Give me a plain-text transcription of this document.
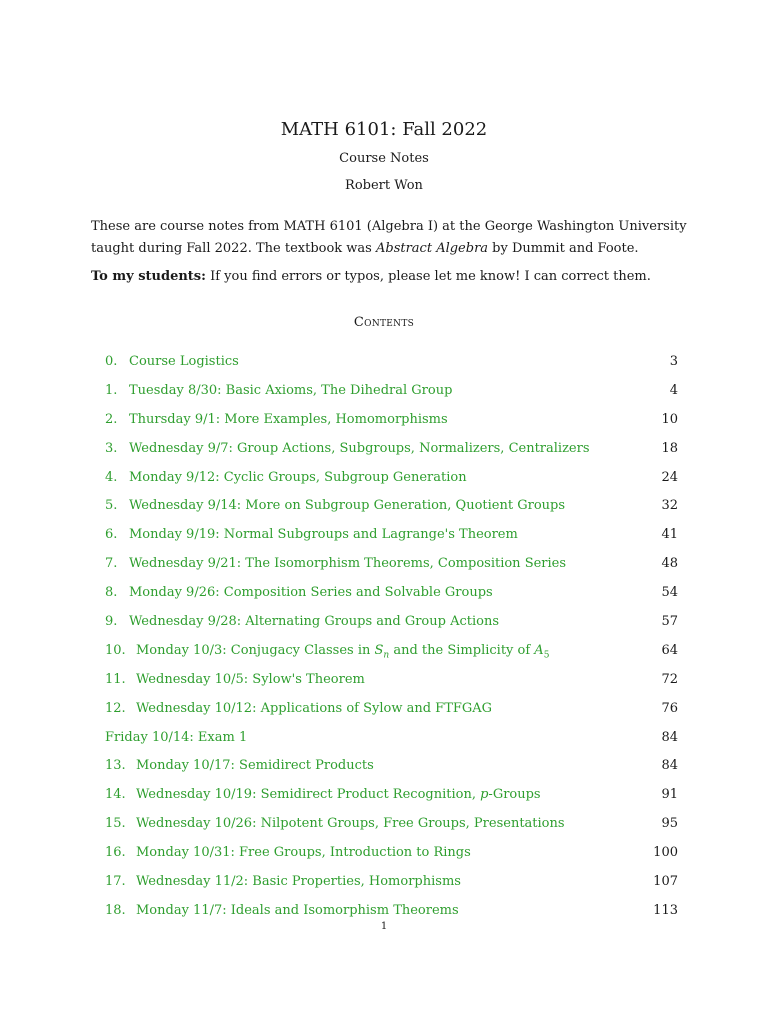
MATH 6101: Fall 2022
Course Notes
Robert Won

These are course notes from MATH 6101 (Algebra I) at the George Washington University taught during Fall 2022. The textbook was Abstract Algebra by Dummit and Foote.

To my students: If you find errors or typos, please let me know! I can correct them.

Contents
0. Course Logistics	3
1. Tuesday 8/30: Basic Axioms, The Dihedral Group	4
2. Thursday 9/1: More Examples, Homomorphisms	10
3. Wednesday 9/7: Group Actions, Subgroups, Normalizers, Centralizers	18
4. Monday 9/12: Cyclic Groups, Subgroup Generation	24
5. Wednesday 9/14: More on Subgroup Generation, Quotient Groups	32
6. Monday 9/19: Normal Subgroups and Lagrange's Theorem	41
7. Wednesday 9/21: The Isomorphism Theorems, Composition Series	48
8. Monday 9/26: Composition Series and Solvable Groups	54
9. Wednesday 9/28: Alternating Groups and Group Actions	57
10. Monday 10/3: Conjugacy Classes in $S_n$ and the Simplicity of $A_5$	64
11. Wednesday 10/5: Sylow's Theorem	72
12. Wednesday 10/12: Applications of Sylow and FTFGAG	76
Friday 10/14: Exam 1	84
13. Monday 10/17: Semidirect Products	84
14. Wednesday 10/19: Semidirect Product Recognition, p-Groups	91
15. Wednesday 10/26: Nilpotent Groups, Free Groups, Presentations	95
16. Monday 10/31: Free Groups, Introduction to Rings	100
17. Wednesday 11/2: Basic Properties, Homorphisms	107
18. Monday 11/7: Ideals and Isomorphism Theorems	113
1
